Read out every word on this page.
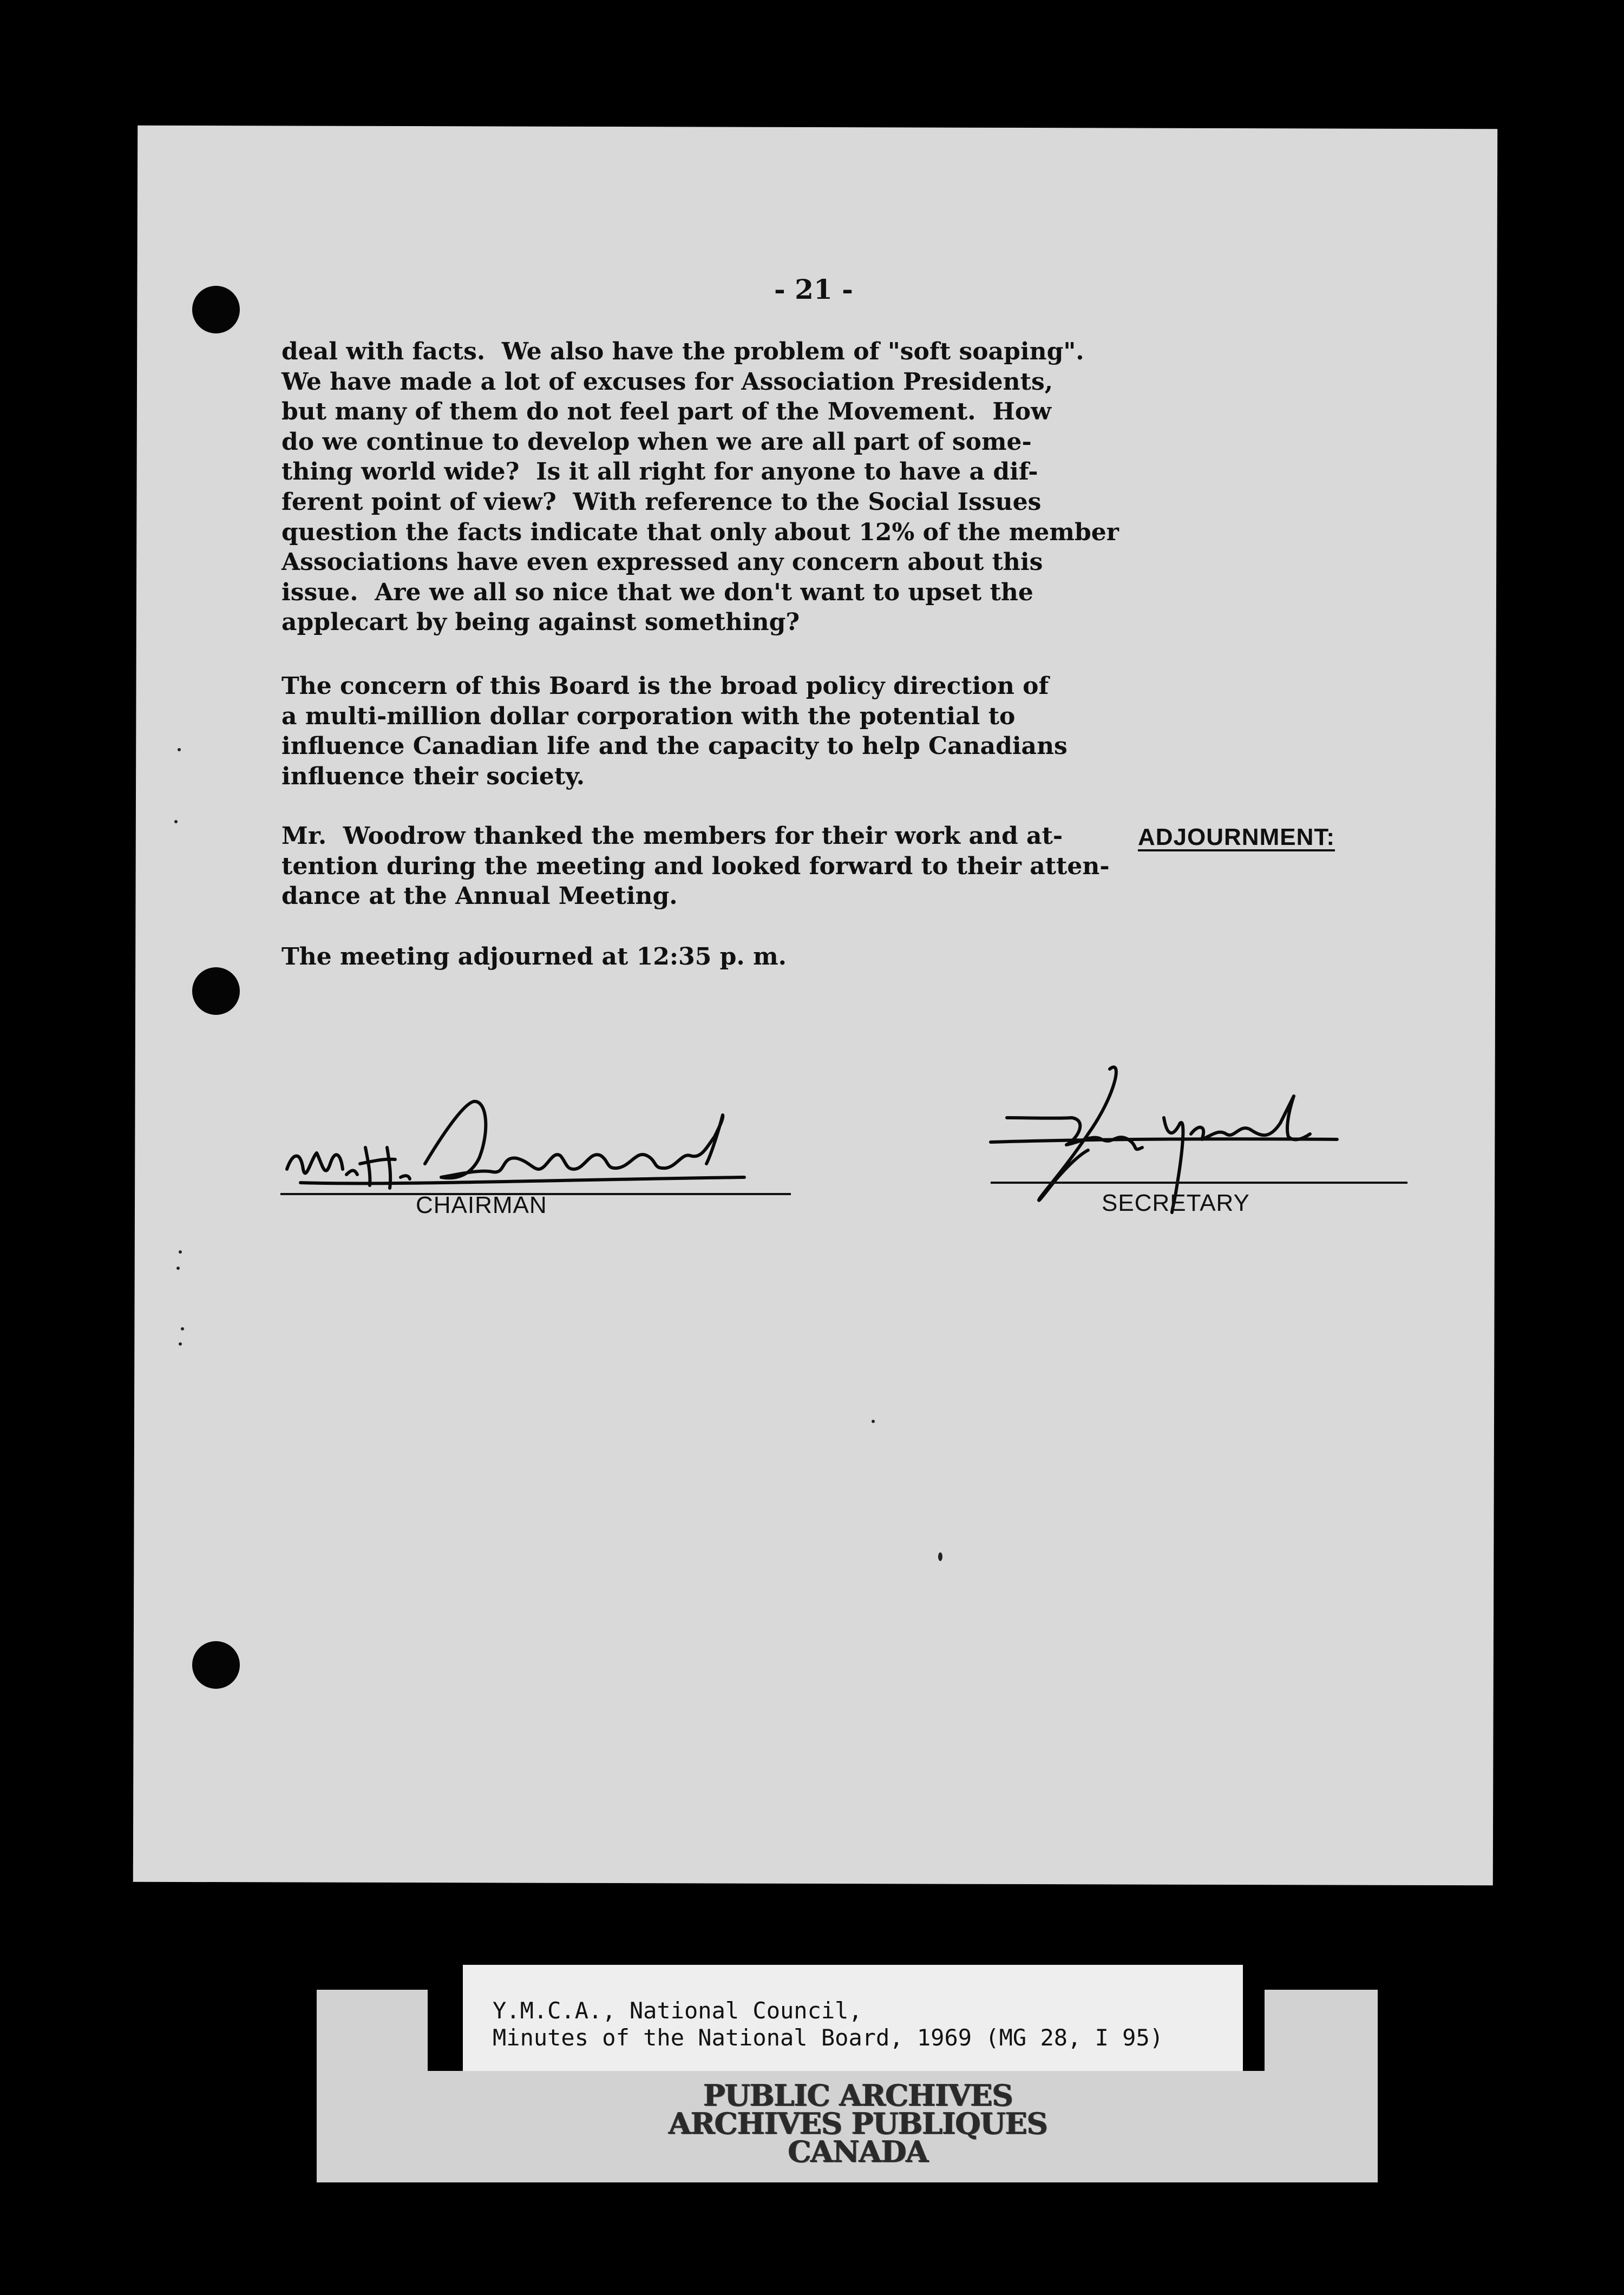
- 21 -

deal with facts.  We also have the problem of "soft soaping".
We have made a lot of excuses for Association Presidents,
but many of them do not feel part of the Movement.  How
do we continue to develop when we are all part of some-
thing world wide?  Is it all right for anyone to have a dif-
ferent point of view?  With reference to the Social Issues
question the facts indicate that only about 12% of the member
Associations have even expressed any concern about this
issue.  Are we all so nice that we don't want to upset the
applecart by being against something?

The concern of this Board is the broad policy direction of
a multi-million dollar corporation with the potential to
influence Canadian life and the capacity to help Canadians
influence their society.

Mr.  Woodrow thanked the members for their work and at-
tention during the meeting and looked forward to their atten-
dance at the Annual Meeting.

The meeting adjourned at 12:35 p. m.

ADJOURNMENT:
CHAIRMAN	SECRETARY
Y.M.C.A., National Council,
Minutes of the National Board, 1969 (MG 28, I 95)
PUBLIC ARCHIVES
ARCHIVES PUBLIQUES
CANADA
